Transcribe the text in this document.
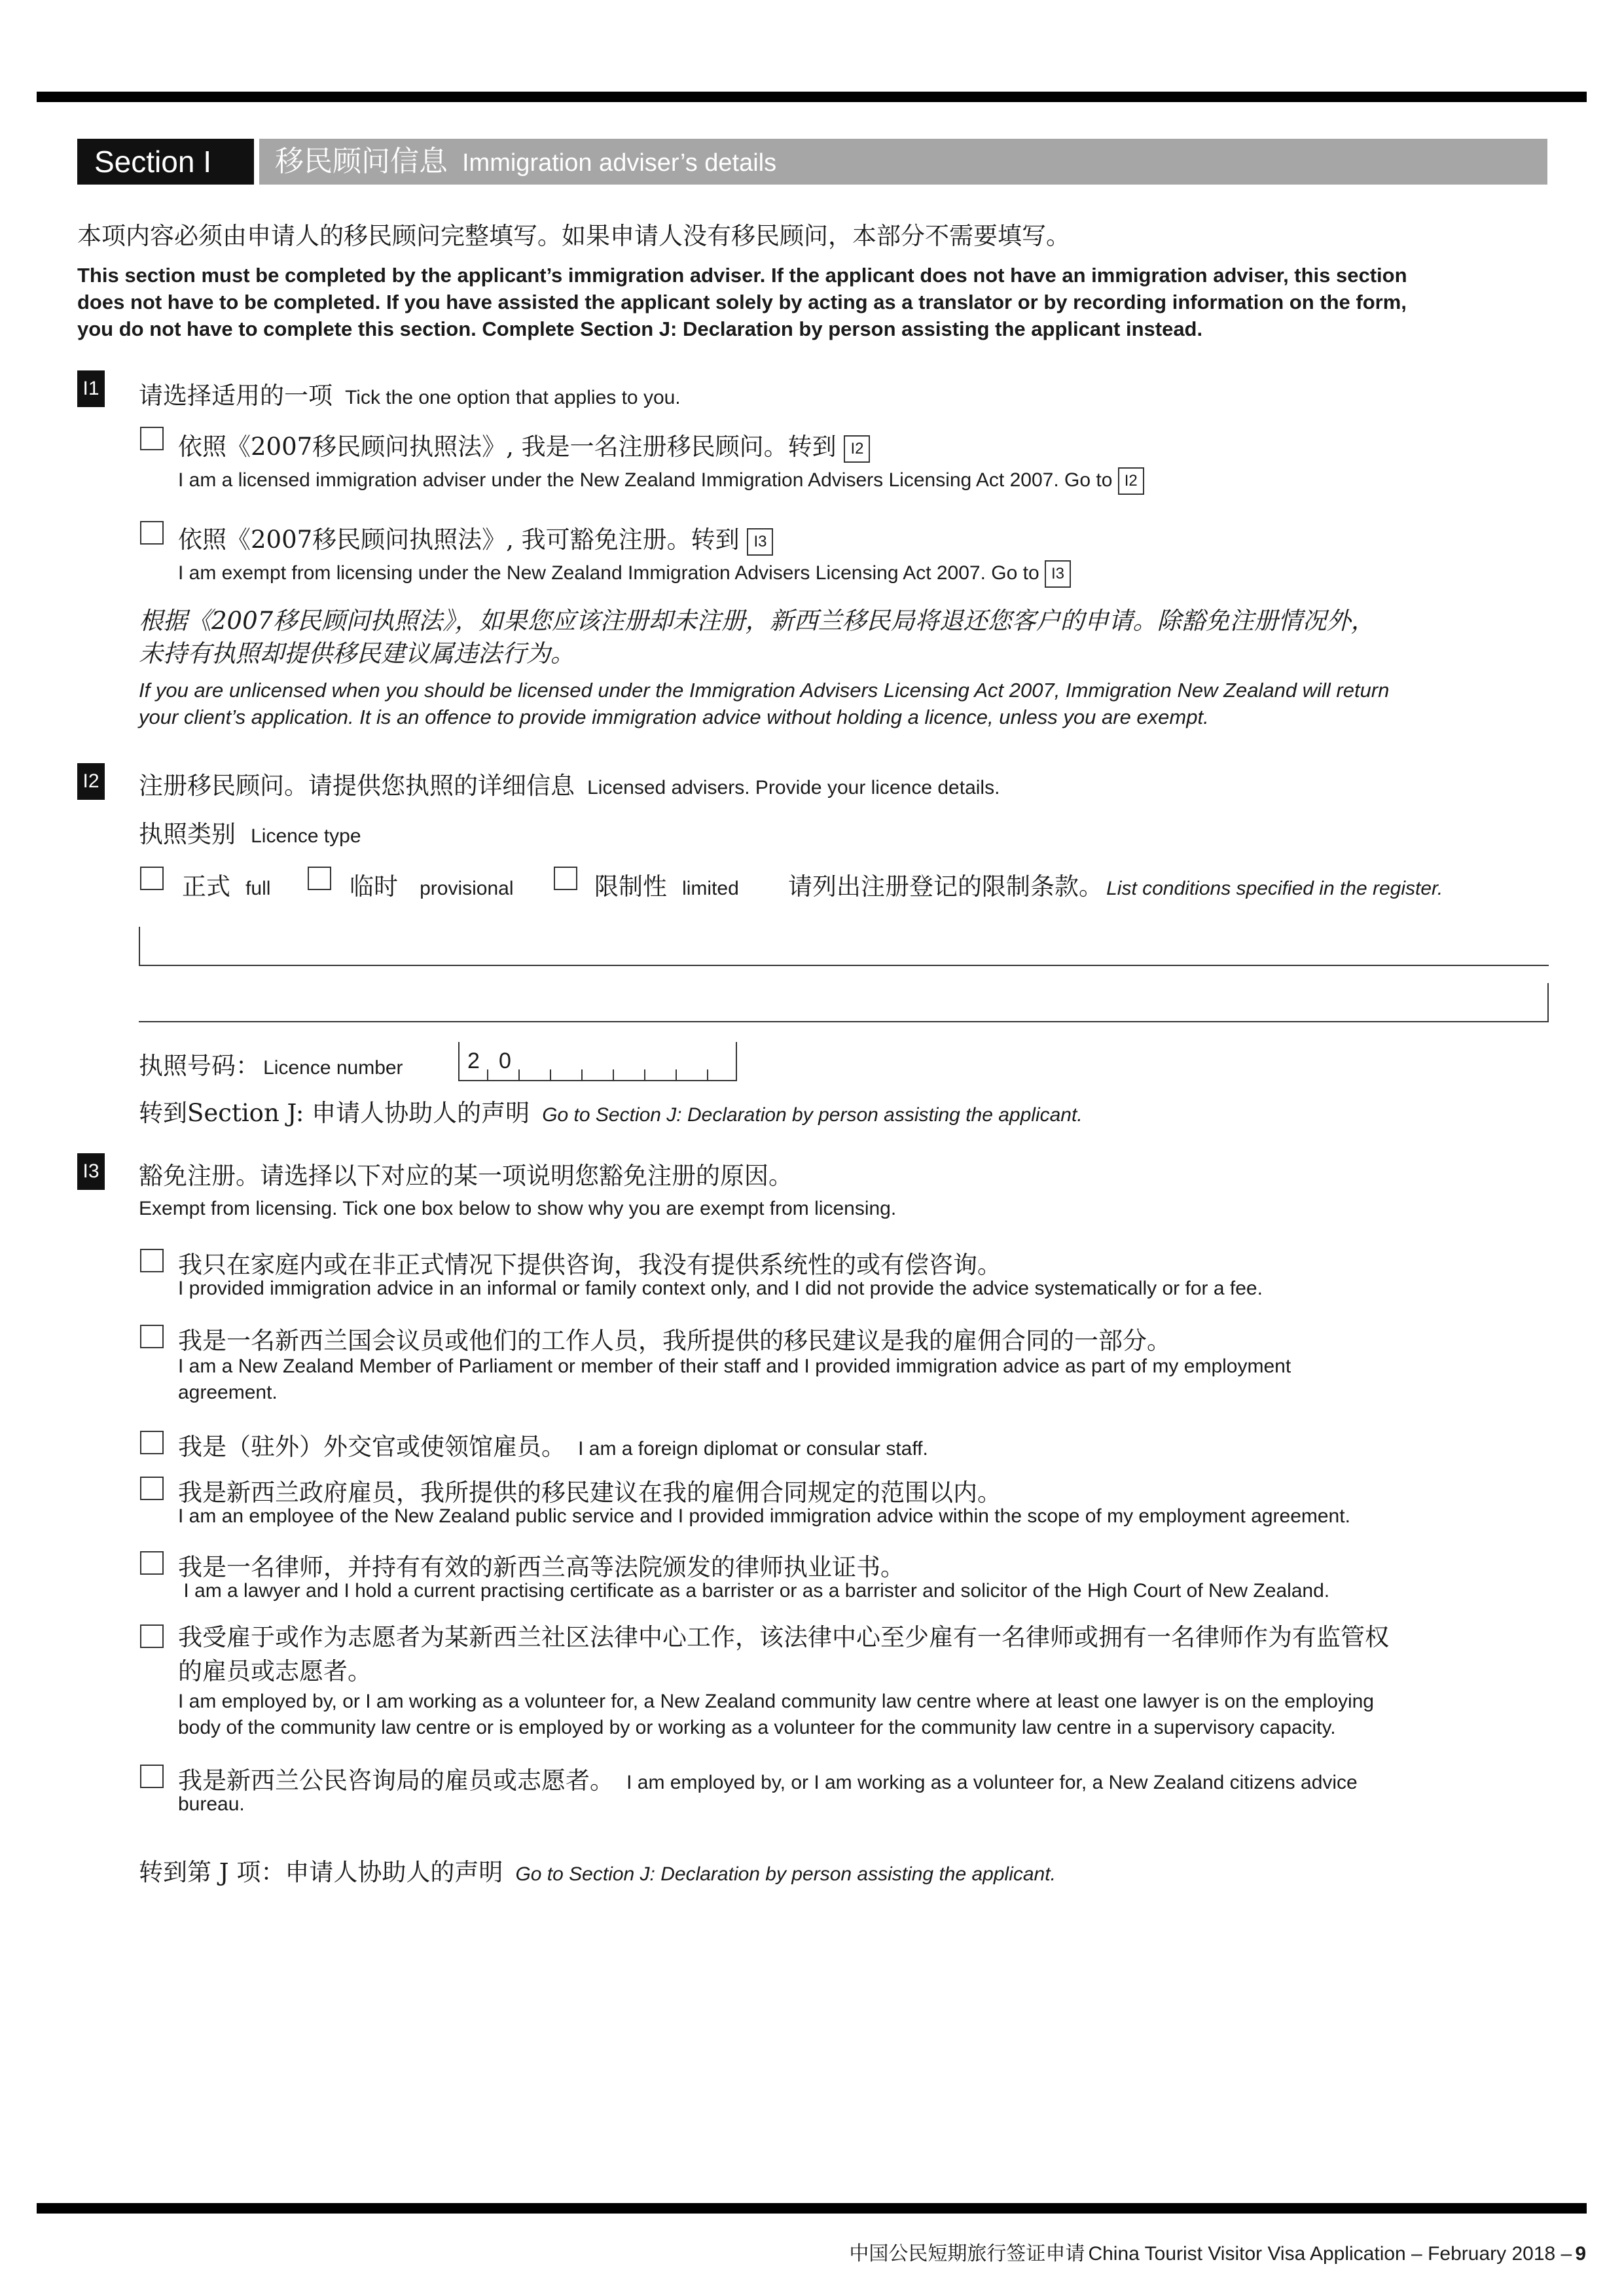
Section I	移民顾问信息 Immigration adviser’s details
本项内容必须由申请人的移民顾问完整填写。如果申请人没有移民顾问，本部分不需要填写。
This section must be completed by the applicant’s immigration adviser. If the applicant does not have an immigration adviser, this section
does not have to be completed. If you have assisted the applicant solely by acting as a translator or by recording information on the form,
you do not have to complete this section. Complete Section J: Declaration by person assisting the applicant instead.
I1 请选择适用的一项 Tick the one option that applies to you.
依照《2007移民顾问执照法》, 我是一名注册移民顾问。转到 I2
I am a licensed immigration adviser under the New Zealand Immigration Advisers Licensing Act 2007. Go to I2
依照《2007移民顾问执照法》, 我可豁免注册。转到 I3
I am exempt from licensing under the New Zealand Immigration Advisers Licensing Act 2007. Go to I3
根据《2007移民顾问执照法》，如果您应该注册却未注册，新西兰移民局将退还您客户的申请。除豁免注册情况外，
未持有执照却提供移民建议属违法行为。
If you are unlicensed when you should be licensed under the Immigration Advisers Licensing Act 2007, Immigration New Zealand will return
your client’s application. It is an offence to provide immigration advice without holding a licence, unless you are exempt.
I2 注册移民顾问。请提供您执照的详细信息 Licensed advisers. Provide your licence details.
执照类别 Licence type
正式 full	临时 provisional	限制性 limited 请列出注册登记的限制条款。 List conditions specified in the register.
执照号码： Licence number	2 0
转到Section J: 申请人协助人的声明 Go to Section J: Declaration by person assisting the applicant.
I3 豁免注册。请选择以下对应的某一项说明您豁免注册的原因。
Exempt from licensing. Tick one box below to show why you are exempt from licensing.
我只在家庭内或在非正式情况下提供咨询，我没有提供系统性的或有偿咨询。
I provided immigration advice in an informal or family context only, and I did not provide the advice systematically or for a fee.
我是一名新西兰国会议员或他们的工作人员，我所提供的移民建议是我的雇佣合同的一部分。
I am a New Zealand Member of Parliament or member of their staff and I provided immigration advice as part of my employment
agreement.
我是（驻外）外交官或使领馆雇员。 I am a foreign diplomat or consular staff.
我是新西兰政府雇员，我所提供的移民建议在我的雇佣合同规定的范围以内。
I am an employee of the New Zealand public service and I provided immigration advice within the scope of my employment agreement.
我是一名律师，并持有有效的新西兰高等法院颁发的律师执业证书。
I am a lawyer and I hold a current practising certificate as a barrister or as a barrister and solicitor of the High Court of New Zealand.
我受雇于或作为志愿者为某新西兰社区法律中心工作，该法律中心至少雇有一名律师或拥有一名律师作为有监管权
的雇员或志愿者。
I am employed by, or I am working as a volunteer for, a New Zealand community law centre where at least one lawyer is on the employing
body of the community law centre or is employed by or working as a volunteer for the community law centre in a supervisory capacity.
我是新西兰公民咨询局的雇员或志愿者。 I am employed by, or I am working as a volunteer for, a New Zealand citizens advice
bureau.
转到第 J 项：申请人协助人的声明 Go to Section J: Declaration by person assisting the applicant.
中国公民短期旅行签证申请 China Tourist Visitor Visa Application – February 2018 – 9
